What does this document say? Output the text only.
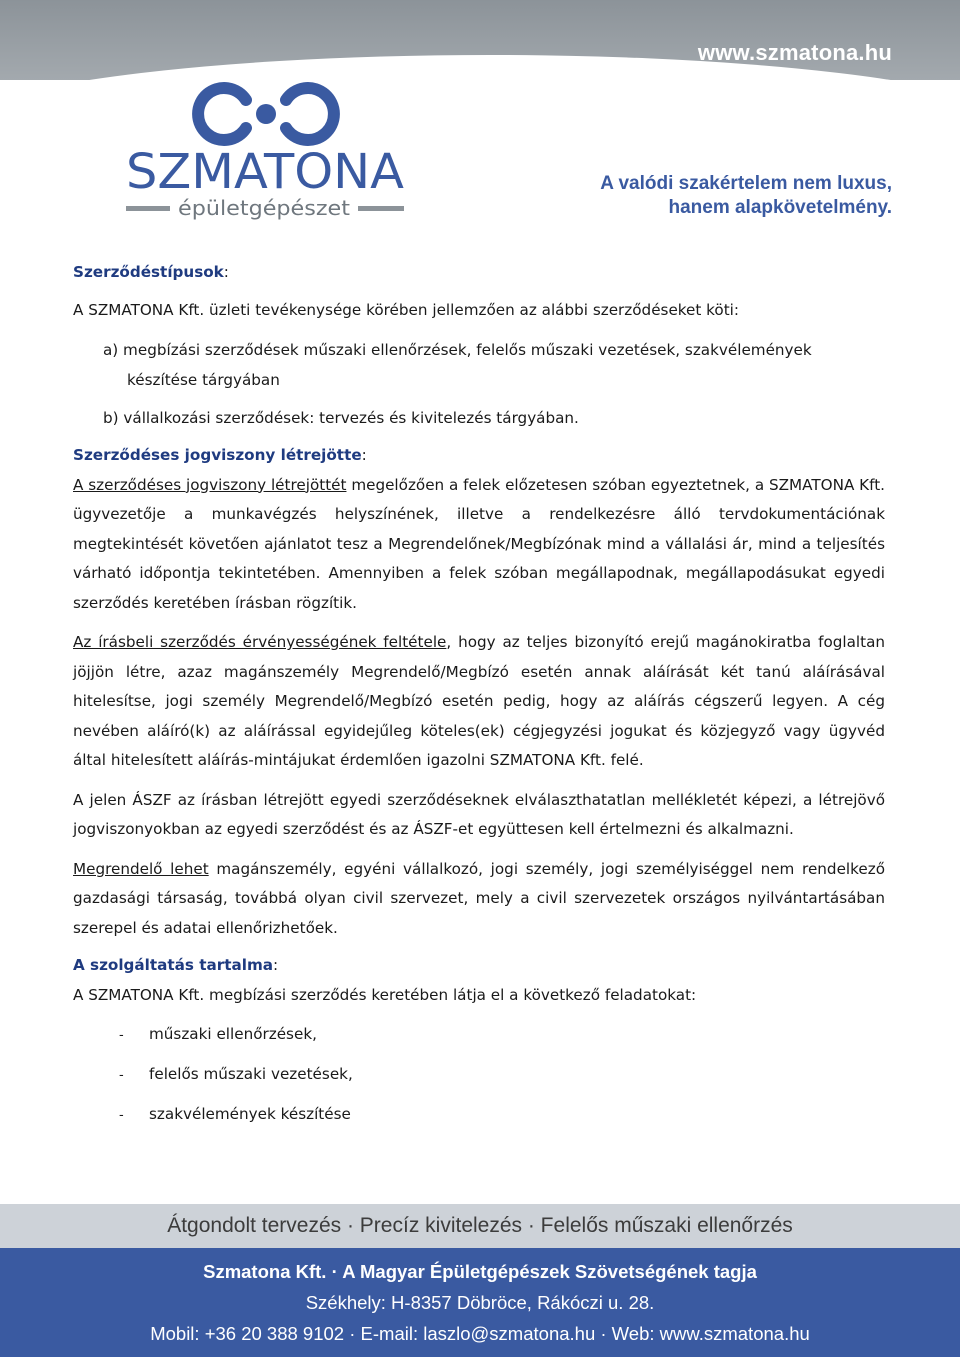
www.szmatona.hu
SZMATONA
épületgépészet
A valódi szakértelem nem luxus,
hanem alapkövetelmény.

Szerződéstípusok:

A SZMATONA Kft. üzleti tevékenysége körében jellemzően az alábbi szerződéseket köti:

a) megbízási szerződések műszaki ellenőrzések, felelős műszaki vezetések, szakvélemények készítése tárgyában
b) vállalkozási szerződések: tervezés és kivitelezés tárgyában.

Szerződéses jogviszony létrejötte:

A szerződéses jogviszony létrejöttét megelőzően a felek előzetesen szóban egyeztetnek, a SZMATONA Kft. ügyvezetője a munkavégzés helyszínének, illetve a rendelkezésre álló tervdokumentációnak megtekintését követően ajánlatot tesz a Megrendelőnek/Megbízónak mind a vállalási ár, mind a teljesítés várható időpontja tekintetében. Amennyiben a felek szóban megállapodnak, megállapodásukat egyedi szerződés keretében írásban rögzítik.

Az írásbeli szerződés érvényességének feltétele, hogy az teljes bizonyító erejű magánokiratba foglaltan jöjjön létre, azaz magánszemély Megrendelő/Megbízó esetén annak aláírását két tanú aláírásával hitelesítse, jogi személy Megrendelő/Megbízó esetén pedig, hogy az aláírás cégszerű legyen. A cég nevében aláíró(k) az aláírással egyidejűleg köteles(ek) cégjegyzési jogukat és közjegyző vagy ügyvéd által hitelesített aláírás-mintájukat érdemlően igazolni SZMATONA Kft. felé.

A jelen ÁSZF az írásban létrejött egyedi szerződéseknek elválaszthatatlan mellékletét képezi, a létrejövő jogviszonyokban az egyedi szerződést és az ÁSZF-et együttesen kell értelmezni és alkalmazni.

Megrendelő lehet magánszemély, egyéni vállalkozó, jogi személy, jogi személyiséggel nem rendelkező gazdasági társaság, továbbá olyan civil szervezet, mely a civil szervezetek országos nyilvántartásában szerepel és adatai ellenőrizhetőek.

A szolgáltatás tartalma:

A SZMATONA Kft. megbízási szerződés keretében látja el a következő feladatokat:

- műszaki ellenőrzések,
- felelős műszaki vezetések,
- szakvélemények készítése
Átgondolt tervezés · Precíz kivitelezés · Felelős műszaki ellenőrzés
Szmatona Kft. · A Magyar Épületgépészek Szövetségének tagja
Székhely: H-8357 Döbröce, Rákóczi u. 28.
Mobil: +36 20 388 9102 · E-mail: laszlo@szmatona.hu · Web: www.szmatona.hu
